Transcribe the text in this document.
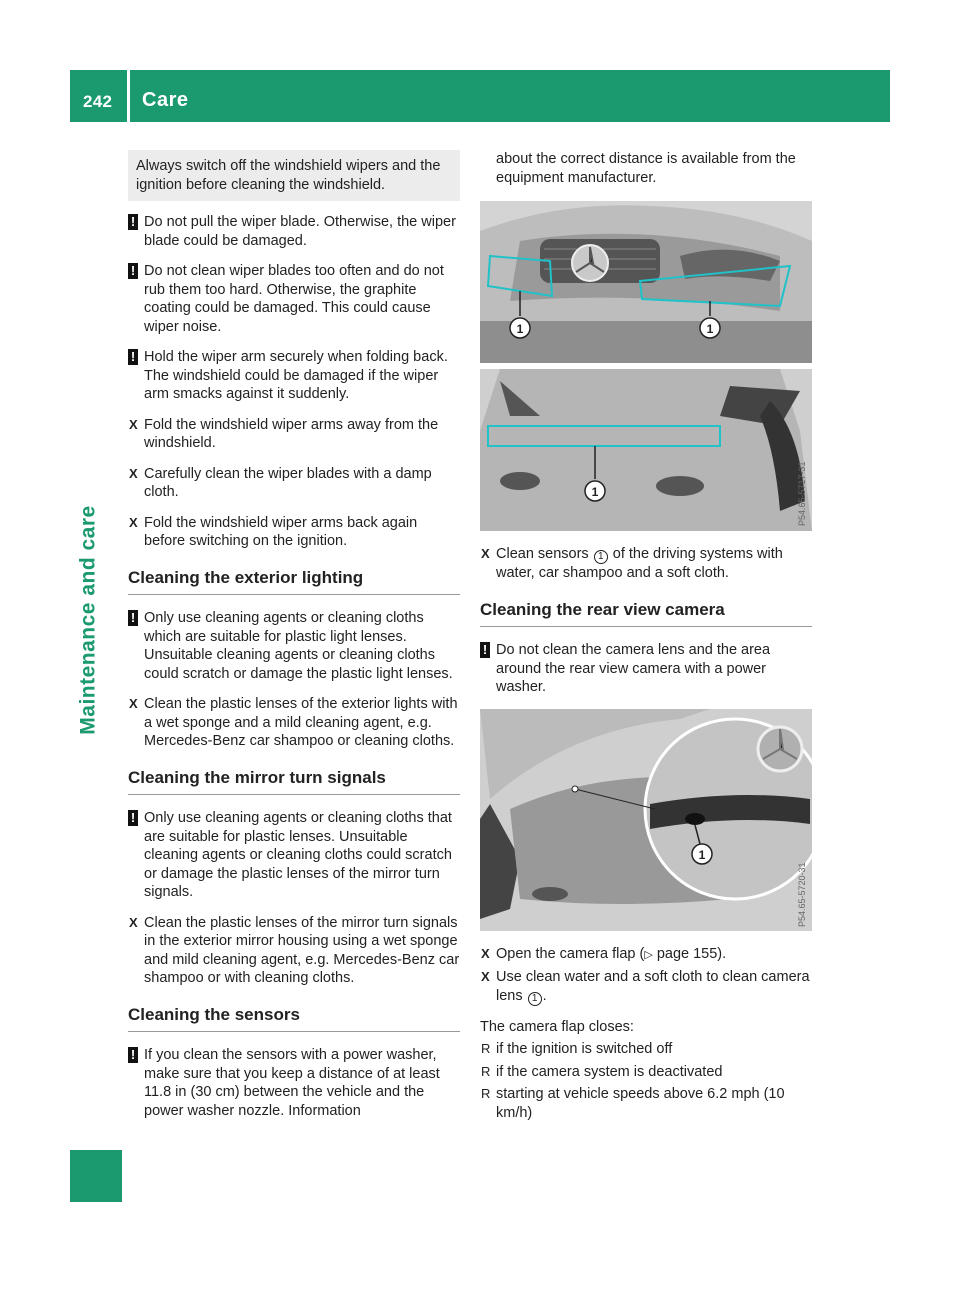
242 Care
Maintenance and care
Always switch off the windshield wipers and the ignition before cleaning the windshield.
! Do not pull the wiper blade. Otherwise, the wiper blade could be damaged.
! Do not clean wiper blades too often and do not rub them too hard. Otherwise, the graphite coating could be damaged. This could cause wiper noise.
! Hold the wiper arm securely when folding back. The windshield could be damaged if the wiper arm smacks against it suddenly.
X Fold the windshield wiper arms away from the windshield.
X Carefully clean the wiper blades with a damp cloth.
X Fold the windshield wiper arms back again before switching on the ignition.
Cleaning the exterior lighting
! Only use cleaning agents or cleaning cloths which are suitable for plastic light lenses. Unsuitable cleaning agents or cleaning cloths could scratch or damage the plastic light lenses.
X Clean the plastic lenses of the exterior lights with a wet sponge and a mild cleaning agent, e.g. Mercedes-Benz car shampoo or cleaning cloths.
Cleaning the mirror turn signals
! Only use cleaning agents or cleaning cloths that are suitable for plastic lenses. Unsuitable cleaning agents or cleaning cloths could scratch or damage the plastic lenses of the mirror turn signals.
X Clean the plastic lenses of the mirror turn signals in the exterior mirror housing using a wet sponge and mild cleaning agent, e.g. Mercedes-Benz car shampoo or with cleaning cloths.
Cleaning the sensors
! If you clean the sensors with a power washer, make sure that you keep a distance of at least 11.8 in (30 cm) between the vehicle and the power washer nozzle. Information
about the correct distance is available from the equipment manufacturer.
1	1
1	P54.65-5717-31
X Clean sensors 1 of the driving systems with water, car shampoo and a soft cloth.
Cleaning the rear view camera
! Do not clean the camera lens and the area around the rear view camera with a power washer.
1
P54.65-5720-31
X Open the camera flap (▷ page 155).
X Use clean water and a soft cloth to clean camera lens 1 .
The camera flap closes:
R if the ignition is switched off
R if the camera system is deactivated
R starting at vehicle speeds above 6.2 mph (10 km/h)
